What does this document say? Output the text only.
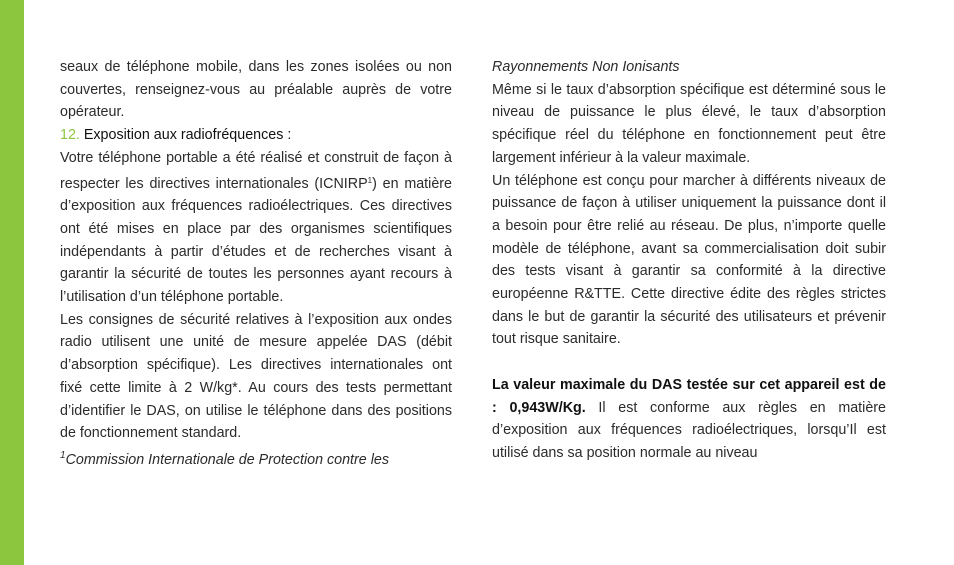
seaux de téléphone mobile, dans les zones isolées ou non couvertes, renseignez-vous au préalable auprès de votre opérateur.

12. Exposition aux radiofréquences :

Votre téléphone portable a été réalisé et construit de façon à respecter les directives internationales (ICNIRP$^1$) en matière d’exposition aux fréquences radioélectriques. Ces directives ont été mises en place par des organismes scientifiques indépendants à partir d’études et de recherches visant à garantir la sécurité de toutes les personnes ayant recours à l’utilisation d’un téléphone portable.

Les consignes de sécurité relatives à l’exposition aux ondes radio utilisent une unité de mesure appelée DAS (débit d’absorption spécifique). Les directives internationales ont fixé cette limite à 2 W/kg*. Au cours des tests permettant d’identifier le DAS, on utilise le téléphone dans des positions de fonctionnement standard.

$^1$Commission Internationale de Protection contre les

Rayonnements Non Ionisants

Même si le taux d’absorption spécifique est déterminé sous le niveau de puissance le plus élevé, le taux d’absorption spécifique réel du téléphone en fonctionnement peut être largement inférieur à la valeur maximale.

Un téléphone est conçu pour marcher à différents niveaux de puissance de façon à utiliser uniquement la puissance dont il a besoin pour être relié au réseau. De plus, n’importe quelle modèle de téléphone, avant sa commercialisation doit subir des tests visant à garantir sa conformité à la directive européenne R&TTE. Cette directive édite des règles strictes dans le but de garantir la sécurité des utilisateurs et prévenir tout risque sanitaire.

La valeur maximale du DAS testée sur cet appareil est de : 0,943W/Kg. Il est conforme aux règles en matière d’exposition aux fréquences radioélectriques, lorsqu’Il est utilisé dans sa position normale au niveau
